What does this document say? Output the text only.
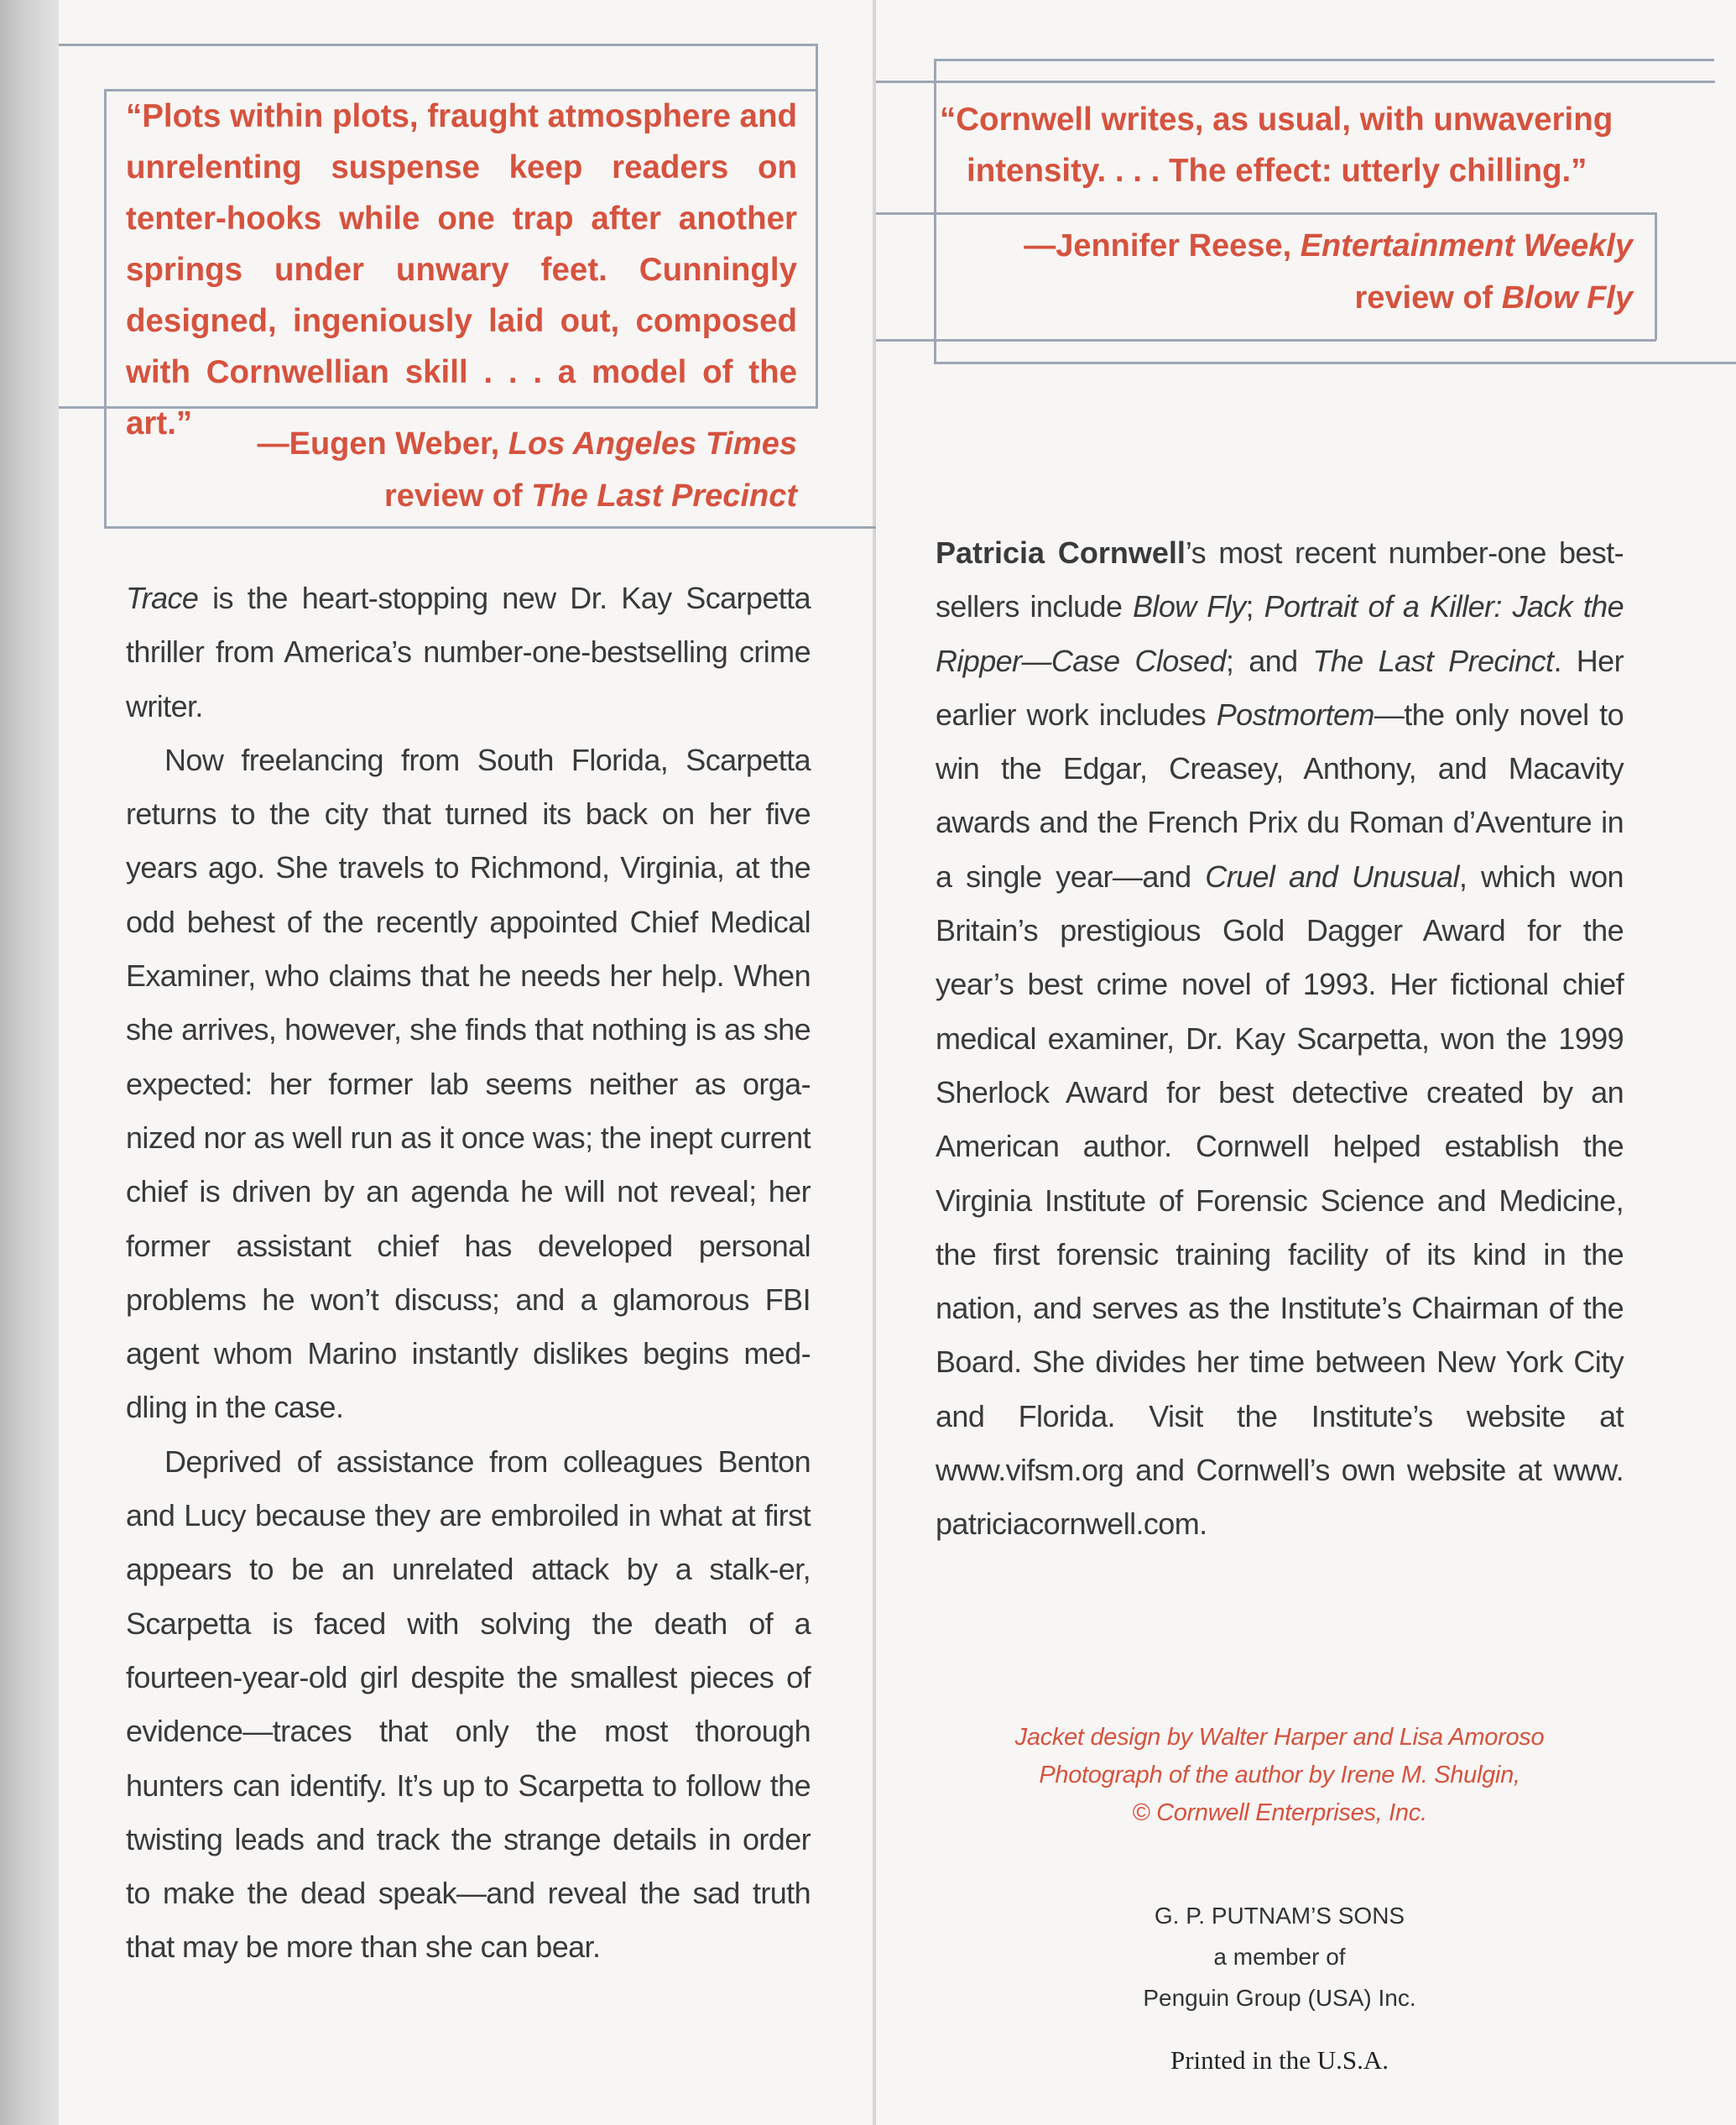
“Plots within plots, fraught atmosphere and unrelenting suspense keep readers on tenter-hooks while one trap after another springs under unwary feet. Cunningly designed, ingeniously laid out, composed with Cornwellian skill . . . a model of the art.”
—Eugen Weber, Los Angeles Times
review of The Last Precinct

Trace is the heart-stopping new Dr. Kay Scarpetta thriller from America’s number-one-bestselling crime writer.

Now freelancing from South Florida, Scarpetta returns to the city that turned its back on her five years ago. She travels to Richmond, Virginia, at the odd behest of the recently appointed Chief Medical Examiner, who claims that he needs her help. When she arrives, however, she finds that nothing is as she expected: her former lab seems neither as orga-nized nor as well run as it once was; the inept current chief is driven by an agenda he will not reveal; her former assistant chief has developed personal problems he won’t discuss; and a glamorous FBI agent whom Marino instantly dislikes begins med-dling in the case.

Deprived of assistance from colleagues Benton and Lucy because they are embroiled in what at first appears to be an unrelated attack by a stalk-er, Scarpetta is faced with solving the death of a fourteen-year-old girl despite the smallest pieces of evidence—traces that only the most thorough hunters can identify. It’s up to Scarpetta to follow the twisting leads and track the strange details in order to make the dead speak—and reveal the sad truth that may be more than she can bear.

“Cornwell writes, as usual, with unwavering
intensity. . . . The effect: utterly chilling.”
—Jennifer Reese, Entertainment Weekly
review of Blow Fly

Patricia Cornwell’s most recent number-one best-sellers include Blow Fly; Portrait of a Killer: Jack the Ripper—Case Closed; and The Last Precinct. Her earlier work includes Postmortem—the only novel to win the Edgar, Creasey, Anthony, and Macavity awards and the French Prix du Roman d’Aventure in a single year—and Cruel and Unusual, which won Britain’s prestigious Gold Dagger Award for the year’s best crime novel of 1993. Her fictional chief medical examiner, Dr. Kay Scarpetta, won the 1999 Sherlock Award for best detective created by an American author. Cornwell helped establish the Virginia Institute of Forensic Science and Medicine, the first forensic training facility of its kind in the nation, and serves as the Institute’s Chairman of the Board. She divides her time between New York City and Florida. Visit the Institute’s website at www.vifsm.org and Cornwell’s own website at www. patriciacornwell.com.

Jacket design by Walter Harper and Lisa Amoroso
Photograph of the author by Irene M. Shulgin,
© Cornwell Enterprises, Inc.
G. P. PUTNAM’S SONS
a member of
Penguin Group (USA) Inc.
Printed in the U.S.A.
